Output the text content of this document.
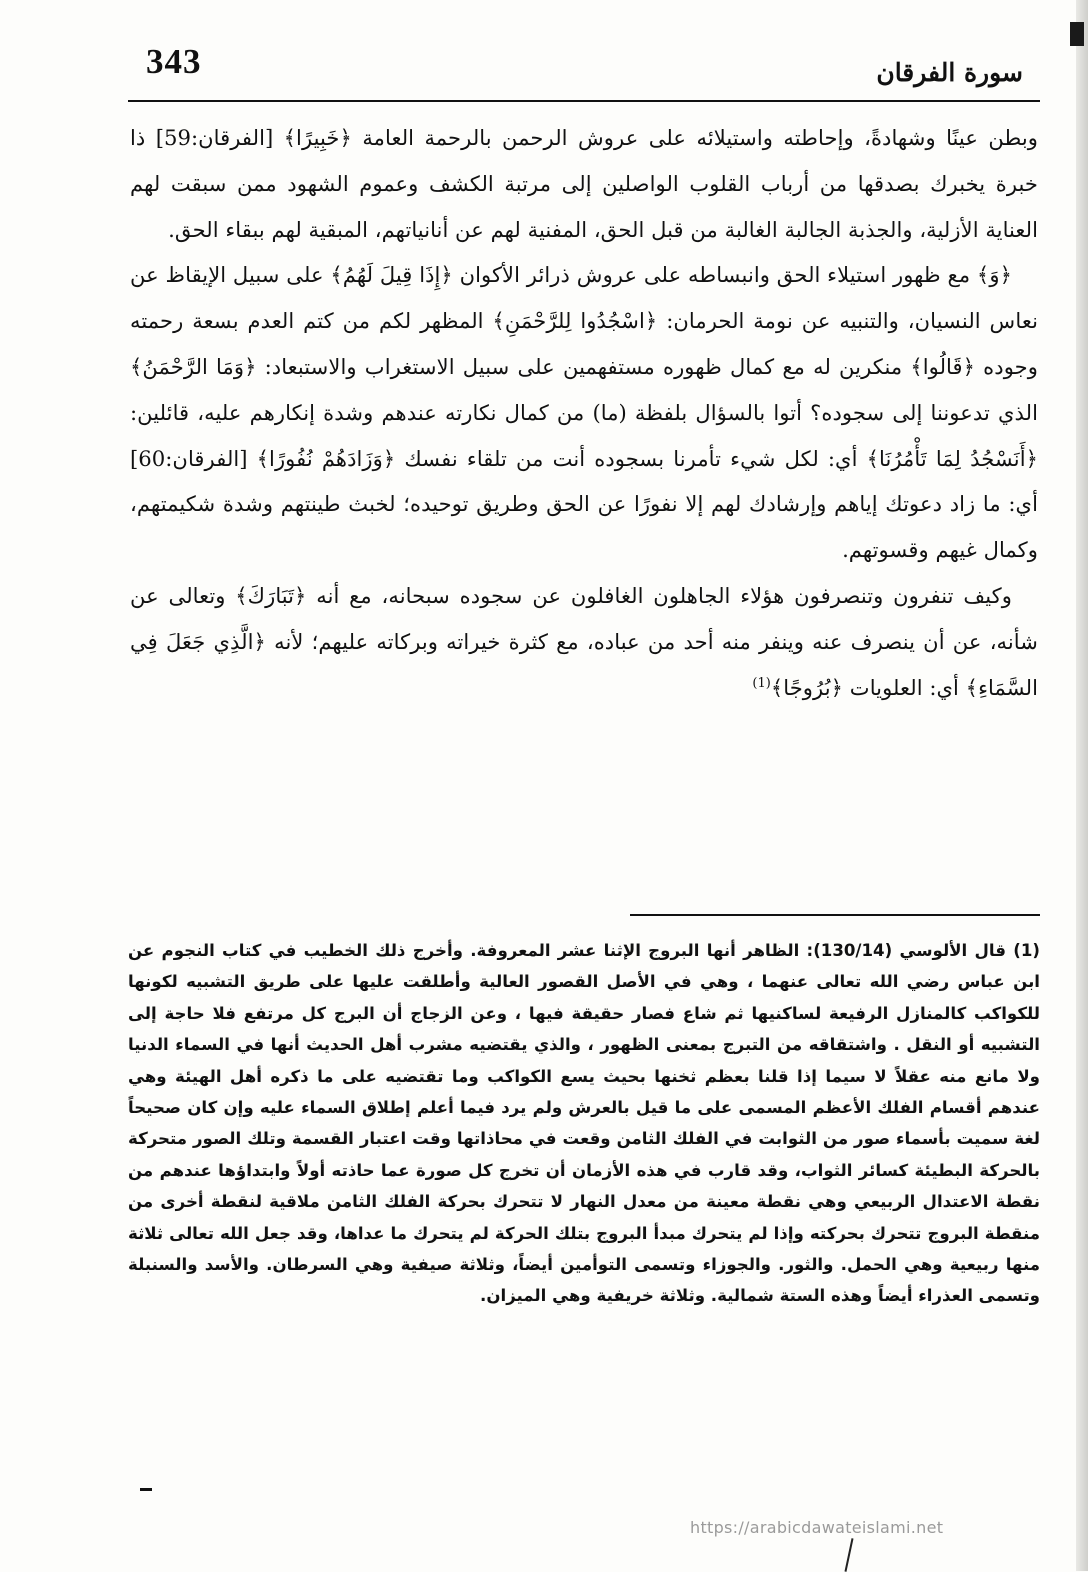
343	سورة الفرقان

وبطن عينًا وشهادةً، وإحاطته واستيلائه على عروش الرحمن بالرحمة العامة ﴿خَبِيرًا﴾ [الفرقان:59] ذا خبرة يخبرك بصدقها من أرباب القلوب الواصلين إلى مرتبة الكشف وعموم الشهود ممن سبقت لهم العناية الأزلية، والجذبة الجالبة الغالبة من قبل الحق، المفنية لهم عن أنانياتهم، المبقية لهم ببقاء الحق.

﴿وَ﴾ مع ظهور استيلاء الحق وانبساطه على عروش ذرائر الأكوان ﴿إِذَا قِيلَ لَهُمُ﴾ على سبيل الإيقاظ عن نعاس النسيان، والتنبيه عن نومة الحرمان: ﴿اسْجُدُوا لِلرَّحْمَنِ﴾ المظهر لكم من كتم العدم بسعة رحمته وجوده ﴿قَالُوا﴾ منكرين له مع كمال ظهوره مستفهمين على سبيل الاستغراب والاستبعاد: ﴿وَمَا الرَّحْمَنُ﴾ الذي تدعوننا إلى سجوده؟ أتوا بالسؤال بلفظة (ما) من كمال نكارته عندهم وشدة إنكارهم عليه، قائلين: ﴿أَنَسْجُدُ لِمَا تَأْمُرُنَا﴾ أي: لكل شيء تأمرنا بسجوده أنت من تلقاء نفسك ﴿وَزَادَهُمْ نُفُورًا﴾ [الفرقان:60] أي: ما زاد دعوتك إياهم وإرشادك لهم إلا نفورًا عن الحق وطريق توحيده؛ لخبث طينتهم وشدة شكيمتهم، وكمال غيهم وقسوتهم.

وكيف تنفرون وتنصرفون هؤلاء الجاهلون الغافلون عن سجوده سبحانه، مع أنه ﴿تَبَارَكَ﴾ وتعالى عن شأنه، عن أن ينصرف عنه وينفر منه أحد من عباده، مع كثرة خيراته وبركاته عليهم؛ لأنه ﴿الَّذِي جَعَلَ فِي السَّمَاءِ﴾ أي: العلويات ﴿بُرُوجًا﴾$^{(1)}$

(1) قال الألوسي (130/14): الظاهر أنها البروج الإثنا عشر المعروفة. وأخرج ذلك الخطيب في كتاب النجوم عن ابن عباس رضي الله تعالى عنهما ، وهي في الأصل القصور العالية وأطلقت عليها على طريق التشبيه لكونها للكواكب كالمنازل الرفيعة لساكنيها ثم شاع فصار حقيقة فيها ، وعن الزجاج أن البرج كل مرتفع فلا حاجة إلى التشبيه أو النقل . واشتقاقه من التبرج بمعنى الظهور ، والذي يقتضيه مشرب أهل الحديث أنها في السماء الدنيا ولا مانع منه عقلاً لا سيما إذا قلنا بعظم ثخنها بحيث يسع الكواكب وما تقتضيه على ما ذكره أهل الهيئة وهي عندهم أقسام الفلك الأعظم المسمى على ما قيل بالعرش ولم يرد فيما أعلم إطلاق السماء عليه وإن كان صحيحاً لغة سميت بأسماء صور من الثوابت في الفلك الثامن وقعت في محاذاتها وقت اعتبار القسمة وتلك الصور متحركة بالحركة البطيئة كسائر الثواب، وقد قارب في هذه الأزمان أن تخرج كل صورة عما حاذته أولاً وابتداؤها عندهم من نقطة الاعتدال الربيعي وهي نقطة معينة من معدل النهار لا تتحرك بحركة الفلك الثامن ملاقية لنقطة أخرى من منقطة البروج تتحرك بحركته وإذا لم يتحرك مبدأ البروج بتلك الحركة لم يتحرك ما عداها، وقد جعل الله تعالى ثلاثة منها ربيعية وهي الحمل. والثور. والجوزاء وتسمى التوأمين أيضاً، وثلاثة صيفية وهي السرطان. والأسد والسنبلة وتسمى العذراء أيضاً وهذه الستة شمالية. وثلاثة خريفية وهي الميزان.

https://arabicdawateislami.net
